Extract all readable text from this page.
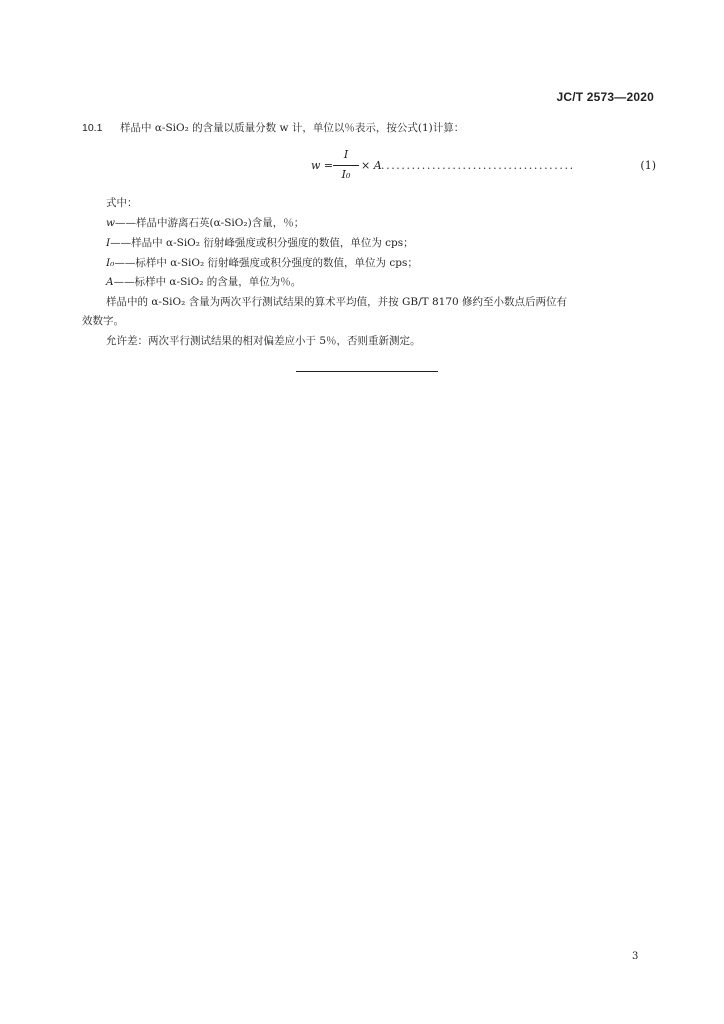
JC/T 2573—2020
10.1 样品中 α-SiO₂ 的含量以质量分数 w 计，单位以％表示，按公式(1)计算：
w =
I
I₀
× A ......................................	(1)
式中：
w——样品中游离石英(α-SiO₂)含量，％；
I——样品中 α-SiO₂ 衍射峰强度或积分强度的数值，单位为 cps；
I₀——标样中 α-SiO₂ 衍射峰强度或积分强度的数值，单位为 cps；
A——标样中 α-SiO₂ 的含量，单位为％。
样品中的 α-SiO₂ 含量为两次平行测试结果的算术平均值，并按 GB/T 8170 修约至小数点后两位有
效数字。
允许差：两次平行测试结果的相对偏差应小于 5％，否则重新测定。
3
